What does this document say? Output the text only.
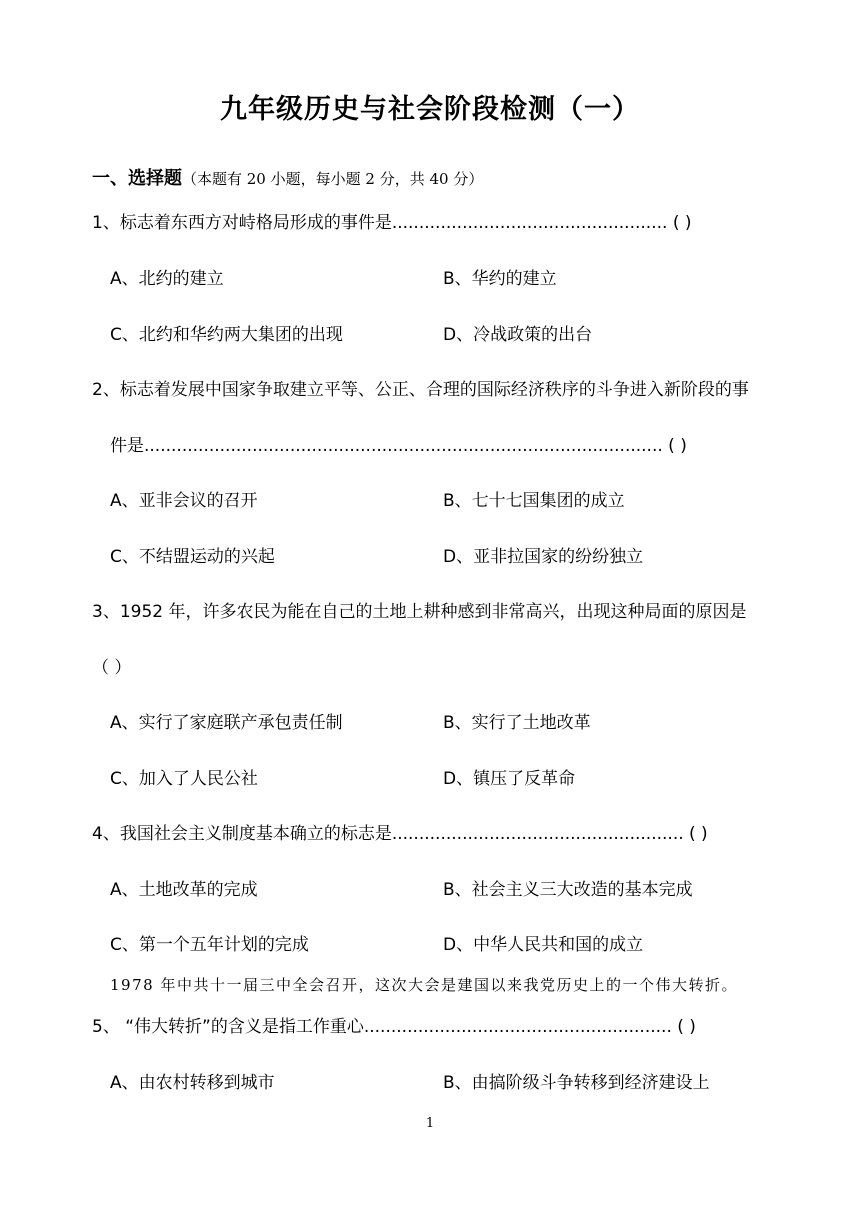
九年级历史与社会阶段检测（一）
一、选择题（本题有 20 小题，每小题 2 分，共 40 分）
1、标志着东西方对峙格局形成的事件是................................................... ( )
A、北约的建立	B、华约的建立
C、北约和华约两大集团的出现	D、冷战政策的出台
2、标志着发展中国家争取建立平等、公正、合理的国际经济秩序的斗争进入新阶段的事
件是................................................................................................ ( )
A、亚非会议的召开	B、七十七国集团的成立
C、不结盟运动的兴起	D、亚非拉国家的纷纷独立
3、1952 年，许多农民为能在自己的土地上耕种感到非常高兴，出现这种局面的原因是
（ ）
A、实行了家庭联产承包责任制	B、实行了土地改革
C、加入了人民公社	D、镇压了反革命
4、我国社会主义制度基本确立的标志是...................................................... ( )
A、土地改革的完成	B、社会主义三大改造的基本完成
C、第一个五年计划的完成	D、中华人民共和国的成立
1978 年中共十一届三中全会召开，这次大会是建国以来我党历史上的一个伟大转折。
5、 “伟大转折”的含义是指工作重心......................................................... ( )
A、由农村转移到城市	B、由搞阶级斗争转移到经济建设上
1
